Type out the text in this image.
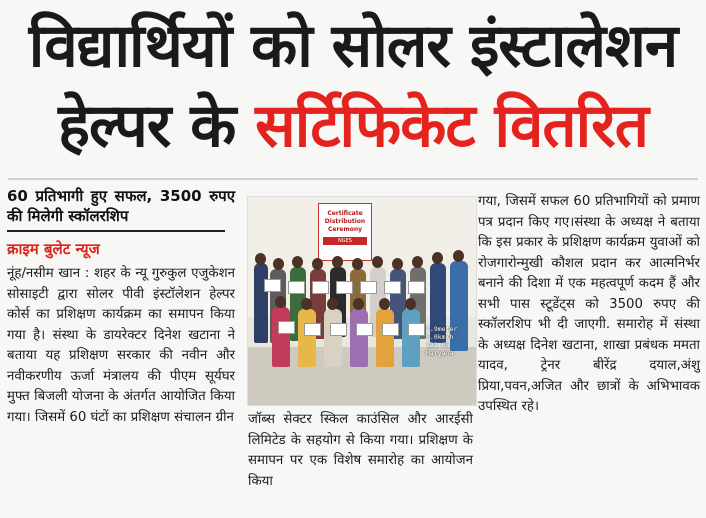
विद्यार्थियों को सोलर इंस्टालेशन
हेल्पर के सर्टिफिकेट वितरित
60 प्रतिभागी हुए सफल, 3500 रुपए की मिलेगी स्कॉलरशिप
क्राइम बुलेट न्यूज
नूंह/नसीम खान : शहर के न्यू गुरुकुल एजुकेशन सोसाइटी द्वारा सोलर पीवी इंस्टॉलेशन हेल्पर कोर्स का प्रशिक्षण कार्यक्रम का समापन किया गया है। संस्था के डायरेक्टर दिनेश खटाना ने बताया यह प्रशिक्षण सरकार की नवीन और नवीकरणीय ऊर्जा मंत्रालय की पीएम सूर्यघर मुफ्त बिजली योजना के अंतर्गत आयोजित किया गया। जिसमें 60 घंटों का प्रशिक्षण संचालन ग्रीन
Certificate Distribution Ceremony
NGES
7.9meter 0.0km/h 122.05 Haryana
जॉब्स सेक्टर स्किल काउंसिल और आरईसी लिमिटेड के सहयोग से किया गया। प्रशिक्षण के समापन पर एक विशेष समारोह का आयोजन किया
गया, जिसमें सफल 60 प्रतिभागियों को प्रमाण पत्र प्रदान किए गए।संस्था के अध्यक्ष ने बताया कि इस प्रकार के प्रशिक्षण कार्यक्रम युवाओं को रोजगारोन्मुखी कौशल प्रदान कर आत्मनिर्भर बनाने की दिशा में एक महत्वपूर्ण कदम हैं और सभी पास स्टूडेंट्स को 3500 रुपए की स्कॉलरशिप भी दी जाएगी. समारोह में संस्था के अध्यक्ष दिनेश खटाना, शाखा प्रबंधक ममता यादव, ट्रेनर बीरेंद्र दयाल,अंशु प्रिया,पवन,अजित और छात्रों के अभिभावक उपस्थित रहे।
